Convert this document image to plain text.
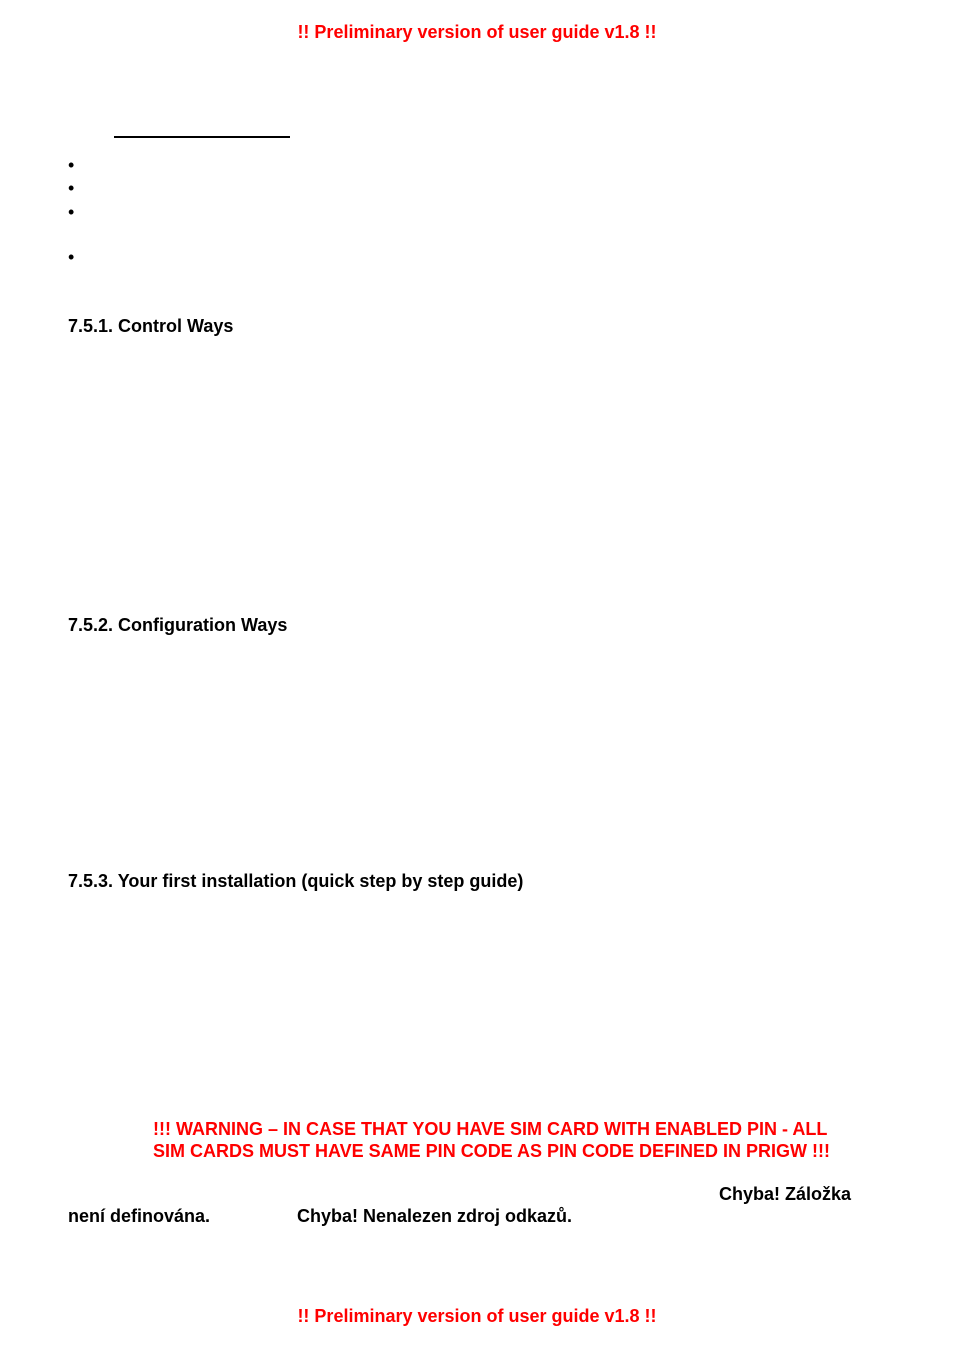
!! Preliminary version of user guide v1.8 !!
•
•
•
•
7.5.1. Control Ways
7.5.2. Configuration Ways
7.5.3. Your first installation (quick step by step guide)
!!! WARNING – IN CASE THAT YOU HAVE SIM CARD WITH ENABLED PIN - ALL
SIM CARDS MUST HAVE SAME PIN CODE AS PIN CODE DEFINED IN PRIGW !!!
Chyba! Záložka
není definována.	Chyba! Nenalezen zdroj odkazů.
!! Preliminary version of user guide v1.8 !!
